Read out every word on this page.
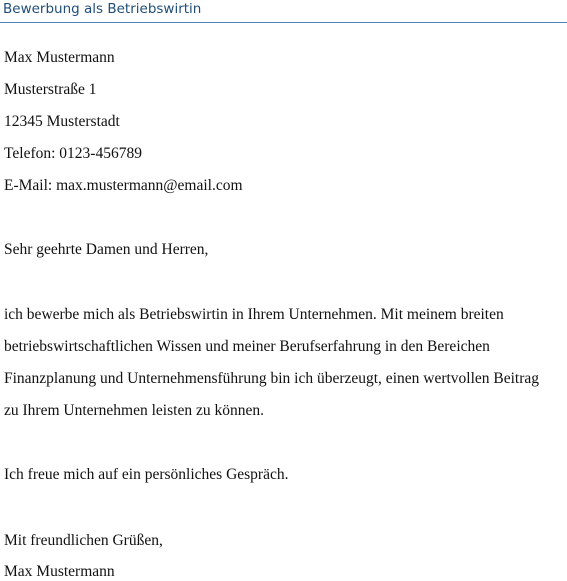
Bewerbung als Betriebswirtin
Max Mustermann
Musterstraße 1
12345 Musterstadt
Telefon: 0123-456789
E-Mail: max.mustermann@email.com
Sehr geehrte Damen und Herren,
ich bewerbe mich als Betriebswirtin in Ihrem Unternehmen. Mit meinem breiten
betriebswirtschaftlichen Wissen und meiner Berufserfahrung in den Bereichen
Finanzplanung und Unternehmensführung bin ich überzeugt, einen wertvollen Beitrag
zu Ihrem Unternehmen leisten zu können.
Ich freue mich auf ein persönliches Gespräch.
Mit freundlichen Grüßen,
Max Mustermann
